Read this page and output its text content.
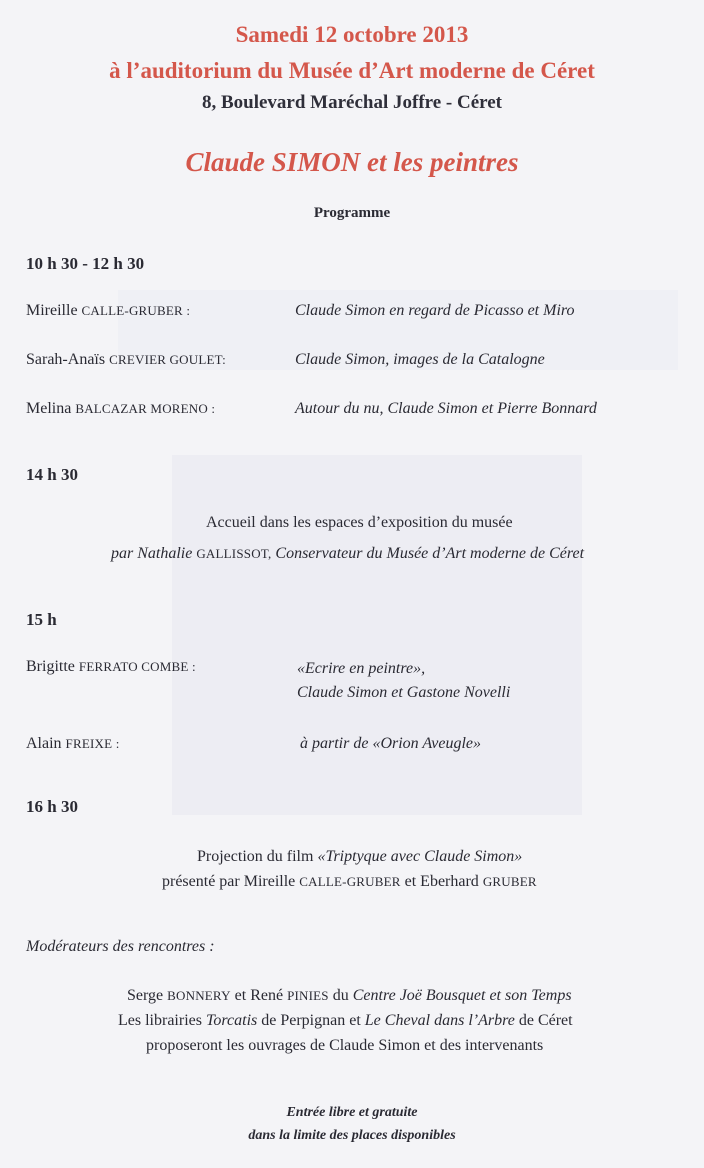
Samedi 12 octobre 2013
à l’auditorium du Musée d’Art moderne de Céret
8, Boulevard Maréchal Joffre - Céret
Claude SIMON et les peintres
Programme
10 h 30 - 12 h 30
Mireille CALLE-GRUBER :	Claude Simon en regard de Picasso et Miro
Sarah-Anaïs CREVIER GOULET:	Claude Simon, images de la Catalogne
Melina BALCAZAR MORENO :	Autour du nu, Claude Simon et Pierre Bonnard
14 h 30
Accueil dans les espaces d’exposition du musée
par Nathalie GALLISSOT, Conservateur du Musée d’Art moderne de Céret
15 h
Brigitte FERRATO COMBE :	«Ecrire en peintre»,
Claude Simon et Gastone Novelli
Alain FREIXE :	à partir de «Orion Aveugle»
16 h 30
Projection du film «Triptyque avec Claude Simon»
présenté par Mireille CALLE-GRUBER et Eberhard GRUBER
Modérateurs des rencontres :
Serge BONNERY et René PINIES du Centre Joë Bousquet et son Temps
Les librairies Torcatis de Perpignan et Le Cheval dans l’Arbre de Céret
proposeront les ouvrages de Claude Simon et des intervenants
Entrée libre et gratuite
dans la limite des places disponibles
